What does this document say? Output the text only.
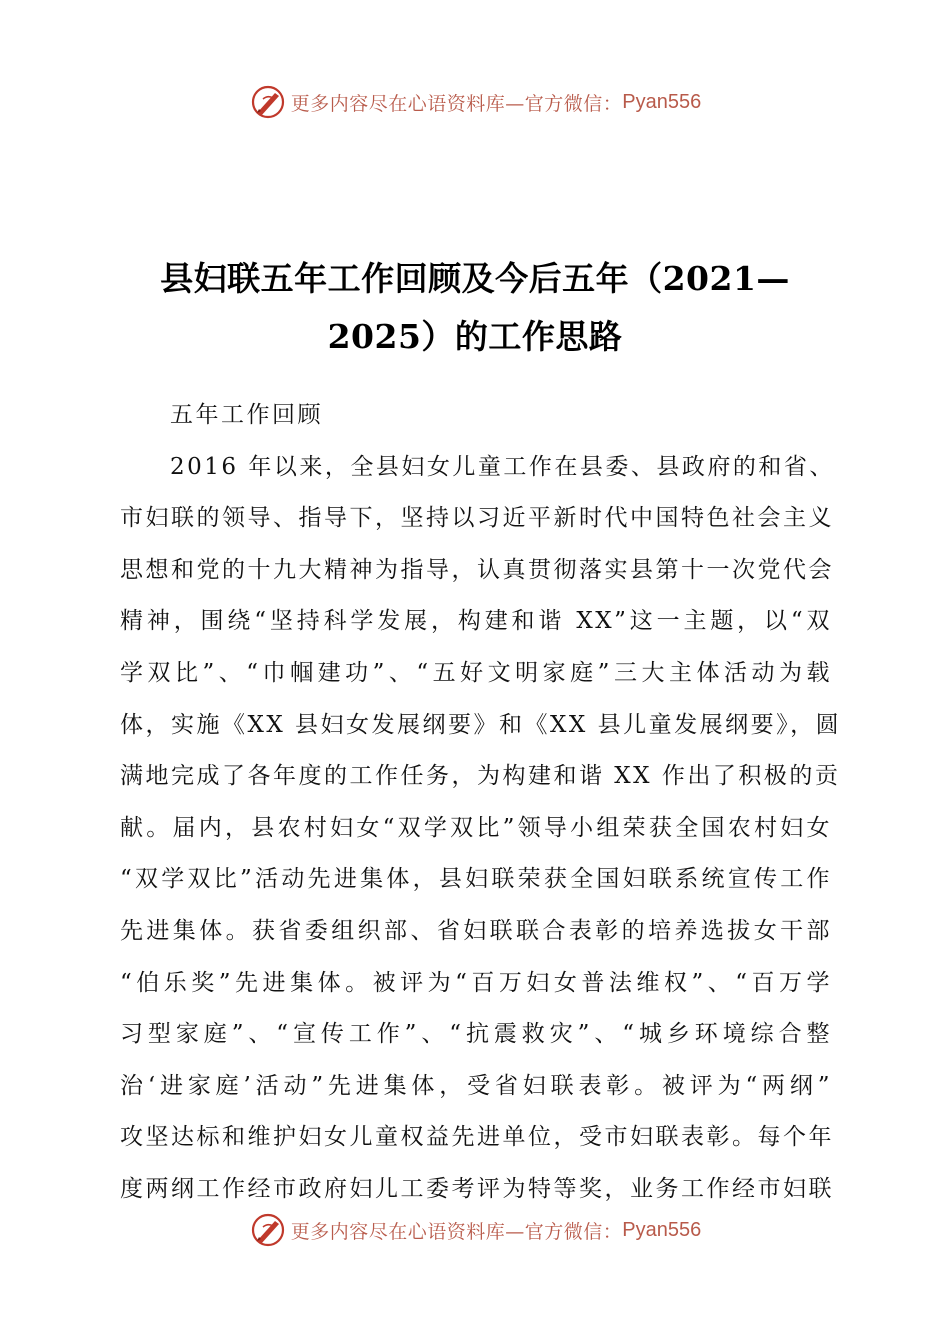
更多内容尽在心语资料库—官方微信： Pyan556
县妇联五年工作回顾及今后五年（2021—
2025）的工作思路
五年工作回顾
2016 年以来，全县妇女儿童工作在县委、县政府的和省、
市妇联的领导、指导下，坚持以习近平新时代中国特色社会主义
思想和党的十九大精神为指导，认真贯彻落实县第十一次党代会
精神，围绕“坚持科学发展，构建和谐 XX”这一主题，以“双
学双比”、“巾帼建功”、“五好文明家庭”三大主体活动为载
体，实施《XX 县妇女发展纲要》和《XX 县儿童发展纲要》，圆
满地完成了各年度的工作任务，为构建和谐 XX 作出了积极的贡
献。届内，县农村妇女“双学双比”领导小组荣获全国农村妇女
“双学双比”活动先进集体，县妇联荣获全国妇联系统宣传工作
先进集体。获省委组织部、省妇联联合表彰的培养选拔女干部
“伯乐奖”先进集体。被评为“百万妇女普法维权”、“百万学
习型家庭”、“宣传工作”、“抗震救灾”、“城乡环境综合整
治‘进家庭’活动”先进集体，受省妇联表彰。被评为“两纲”
攻坚达标和维护妇女儿童权益先进单位，受市妇联表彰。每个年
度两纲工作经市政府妇儿工委考评为特等奖，业务工作经市妇联
更多内容尽在心语资料库—官方微信： Pyan556
